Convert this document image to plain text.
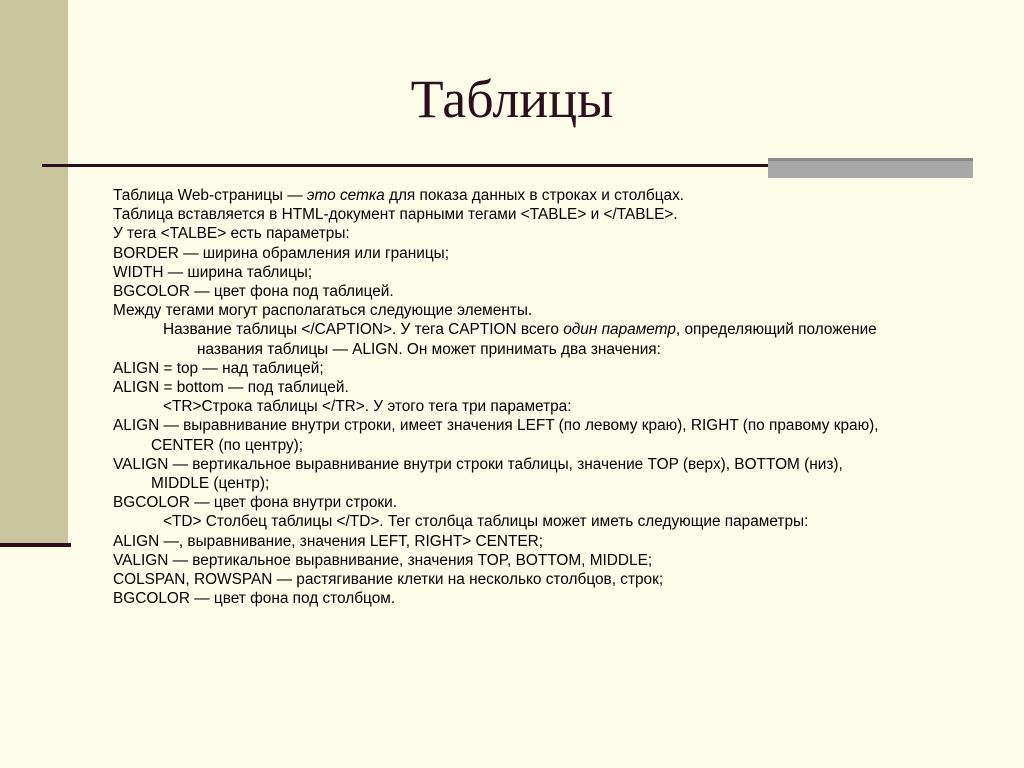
Таблицы
Таблица Web-страницы — это сетка для показа данных в строках и столбцах.
Таблица вставляется в HTML-документ парными тегами <TABLE> и </TABLE>.
У тега <TALBE> есть параметры:
BORDER — ширина обрамления или границы;
WIDTH — ширина таблицы;
BGCOLOR — цвет фона под таблицей.
Между тегами могут располагаться следующие элементы.
Название таблицы </CAPTION>. У тега CAPTION всего один параметр, определяющий положение
названия таблицы — ALIGN. Он может принимать два значения:
ALIGN = top — над таблицей;
ALIGN = bottom — под таблицей.
<TR>Строка таблицы </TR>. У этого тега три параметра:
ALIGN — выравнивание внутри строки, имеет значения LEFT (по левому краю), RIGHT (по правому краю),
CENTER (по центру);
VALIGN — вертикальное выравнивание внутри строки таблицы, значение TOP (верх), BOTTOM (низ),
MIDDLE (центр);
BGCOLOR — цвет фона внутри строки.
<TD> Столбец таблицы </TD>. Тег столбца таблицы может иметь следующие параметры:
ALIGN —, выравнивание, значения LEFT, RIGHT> CENTER;
VALIGN — вертикальное выравнивание, значения TOP, BOTTOM, MIDDLE;
COLSPAN, ROWSPAN — растягивание клетки на несколько столбцов, строк;
BGCOLOR — цвет фона под столбцом.
